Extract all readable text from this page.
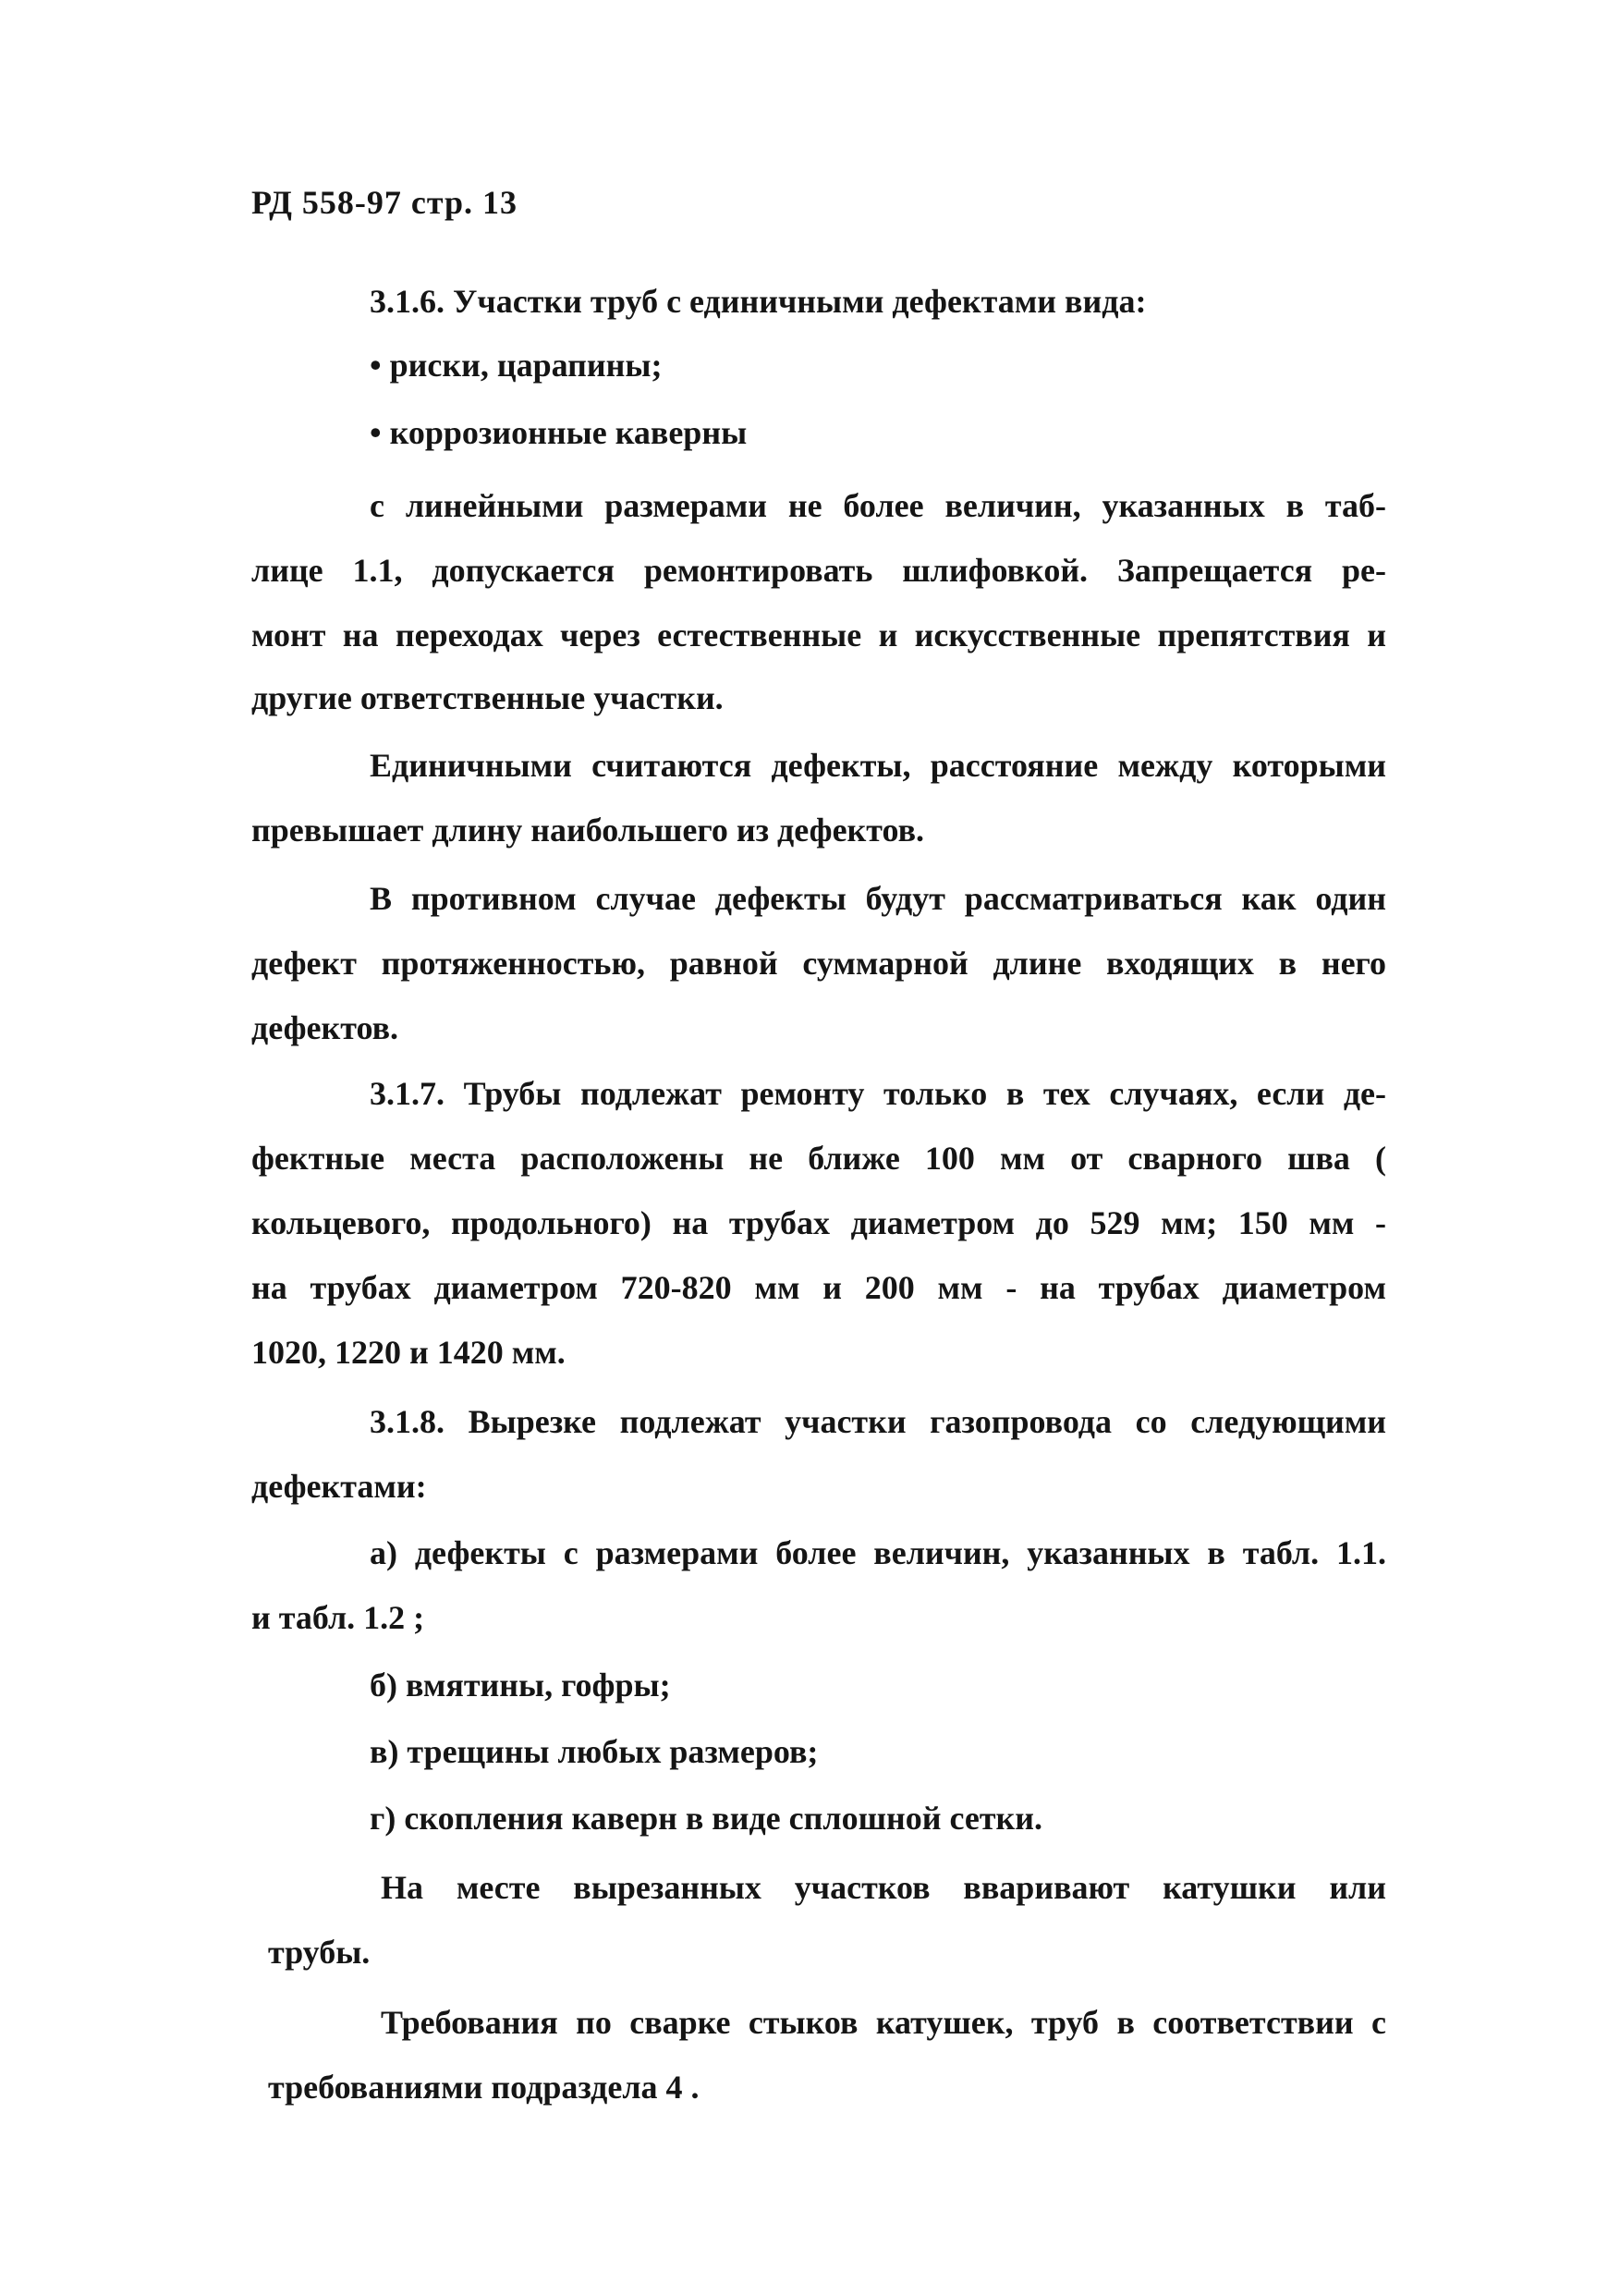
РД 558-97 стр. 13
3.1.6. Участки труб с единичными дефектами вида:
• риски, царапины;
• коррозионные каверны
с линейными размерами не более величин, указанных в таб-
лице 1.1, допускается ремонтировать шлифовкой. Запрещается ре-
монт на переходах через естественные и искусственные препятствия и
другие ответственные участки.
Единичными считаются дефекты, расстояние между которыми
превышает длину наибольшего из дефектов.
В противном случае дефекты будут рассматриваться как один
дефект протяженностью, равной суммарной длине входящих в него
дефектов.
3.1.7. Трубы подлежат ремонту только в тех случаях, если де-
фектные места расположены не ближе 100 мм от сварного шва (
кольцевого, продольного) на трубах диаметром до 529 мм; 150 мм -
на трубах диаметром 720-820 мм и 200 мм - на трубах диаметром
1020, 1220 и 1420 мм.
3.1.8. Вырезке подлежат участки газопровода со следующими
дефектами:
а) дефекты с размерами более величин, указанных в табл. 1.1.
и табл. 1.2 ;
б) вмятины, гофры;
в) трещины любых размеров;
г) скопления каверн в виде сплошной сетки.
На месте вырезанных участков вваривают катушки или
трубы.
Требования по сварке стыков катушек, труб в соответствии с
требованиями подраздела 4 .
